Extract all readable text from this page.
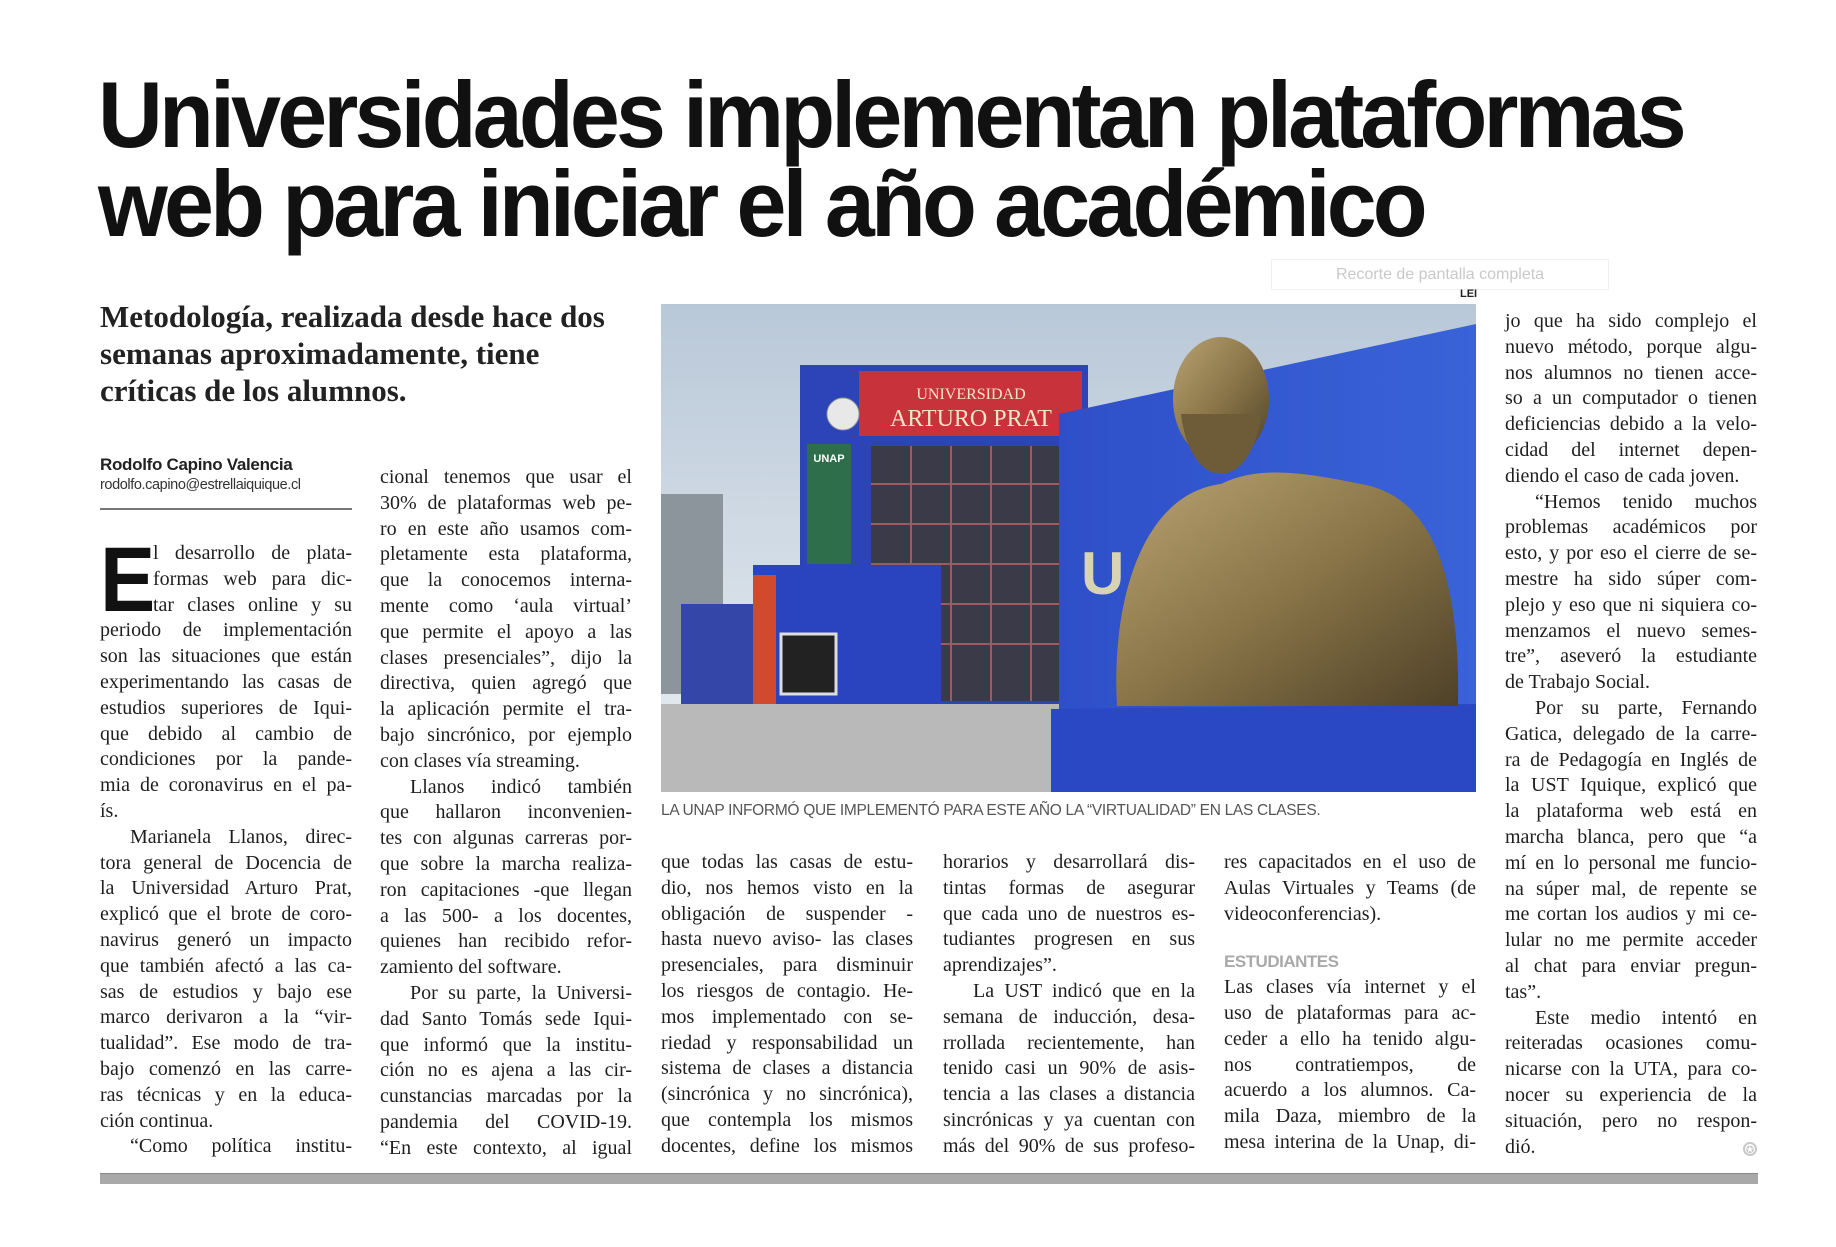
Universidades implementan plataformas
web para iniciar el año académico
Metodología, realizada desde hace dos semanas aproximadamente, tiene críticas de los alumnos.
Recorte de pantalla completa
LEI
UNIVERSIDAD
ARTURO PRAT
UNAP
U
LA UNAP INFORMÓ QUE IMPLEMENTÓ PARA ESTE AÑO LA “VIRTUALIDAD” EN LAS CLASES.
Rodolfo Capino Valencia
rodolfo.capino@estrellaiquique.cl
E
l desarrollo de plata-
formas web para dic-
tar clases online y su
periodo de implementación
son las situaciones que están
experimentando las casas de
estudios superiores de Iqui-
que debido al cambio de
condiciones por la pande-
mia de coronavirus en el pa-
ís.
Marianela Llanos, direc-
tora general de Docencia de
la Universidad Arturo Prat,
explicó que el brote de coro-
navirus generó un impacto
que también afectó a las ca-
sas de estudios y bajo ese
marco derivaron a la “vir-
tualidad”. Ese modo de tra-
bajo comenzó en las carre-
ras técnicas y en la educa-
ción continua.
“Como política institu-
cional tenemos que usar el
30% de plataformas web pe-
ro en este año usamos com-
pletamente esta plataforma,
que la conocemos interna-
mente como ‘aula virtual’
que permite el apoyo a las
clases presenciales”, dijo la
directiva, quien agregó que
la aplicación permite el tra-
bajo sincrónico, por ejemplo
con clases vía streaming.
Llanos indicó también
que hallaron inconvenien-
tes con algunas carreras por-
que sobre la marcha realiza-
ron capitaciones -que llegan
a las 500- a los docentes,
quienes han recibido refor-
zamiento del software.
Por su parte, la Universi-
dad Santo Tomás sede Iqui-
que informó que la institu-
ción no es ajena a las cir-
cunstancias marcadas por la
pandemia del COVID-19.
“En este contexto, al igual
que todas las casas de estu-
dio, nos hemos visto en la
obligación de suspender -
hasta nuevo aviso- las clases
presenciales, para disminuir
los riesgos de contagio. He-
mos implementado con se-
riedad y responsabilidad un
sistema de clases a distancia
(sincrónica y no sincrónica),
que contempla los mismos
docentes, define los mismos
horarios y desarrollará dis-
tintas formas de asegurar
que cada uno de nuestros es-
tudiantes progresen en sus
aprendizajes”.
La UST indicó que en la
semana de inducción, desa-
rrollada recientemente, han
tenido casi un 90% de asis-
tencia a las clases a distancia
sincrónicas y ya cuentan con
más del 90% de sus profeso-
res capacitados en el uso de
Aulas Virtuales y Teams (de
videoconferencias).
ESTUDIANTES
Las clases vía internet y el
uso de plataformas para ac-
ceder a ello ha tenido algu-
nos contratiempos, de
acuerdo a los alumnos. Ca-
mila Daza, miembro de la
mesa interina de la Unap, di-
jo que ha sido complejo el
nuevo método, porque algu-
nos alumnos no tienen acce-
so a un computador o tienen
deficiencias debido a la velo-
cidad del internet depen-
diendo el caso de cada joven.
“Hemos tenido muchos
problemas académicos por
esto, y por eso el cierre de se-
mestre ha sido súper com-
plejo y eso que ni siquiera co-
menzamos el nuevo semes-
tre”, aseveró la estudiante
de Trabajo Social.
Por su parte, Fernando
Gatica, delegado de la carre-
ra de Pedagogía en Inglés de
la UST Iquique, explicó que
la plataforma web está en
marcha blanca, pero que “a
mí en lo personal me funcio-
na súper mal, de repente se
me cortan los audios y mi ce-
lular no me permite acceder
al chat para enviar pregun-
tas”.
Este medio intentó en
reiteradas ocasiones comu-
nicarse con la UTA, para co-
nocer su experiencia de la
situación, pero no respon-
dió.	✪
